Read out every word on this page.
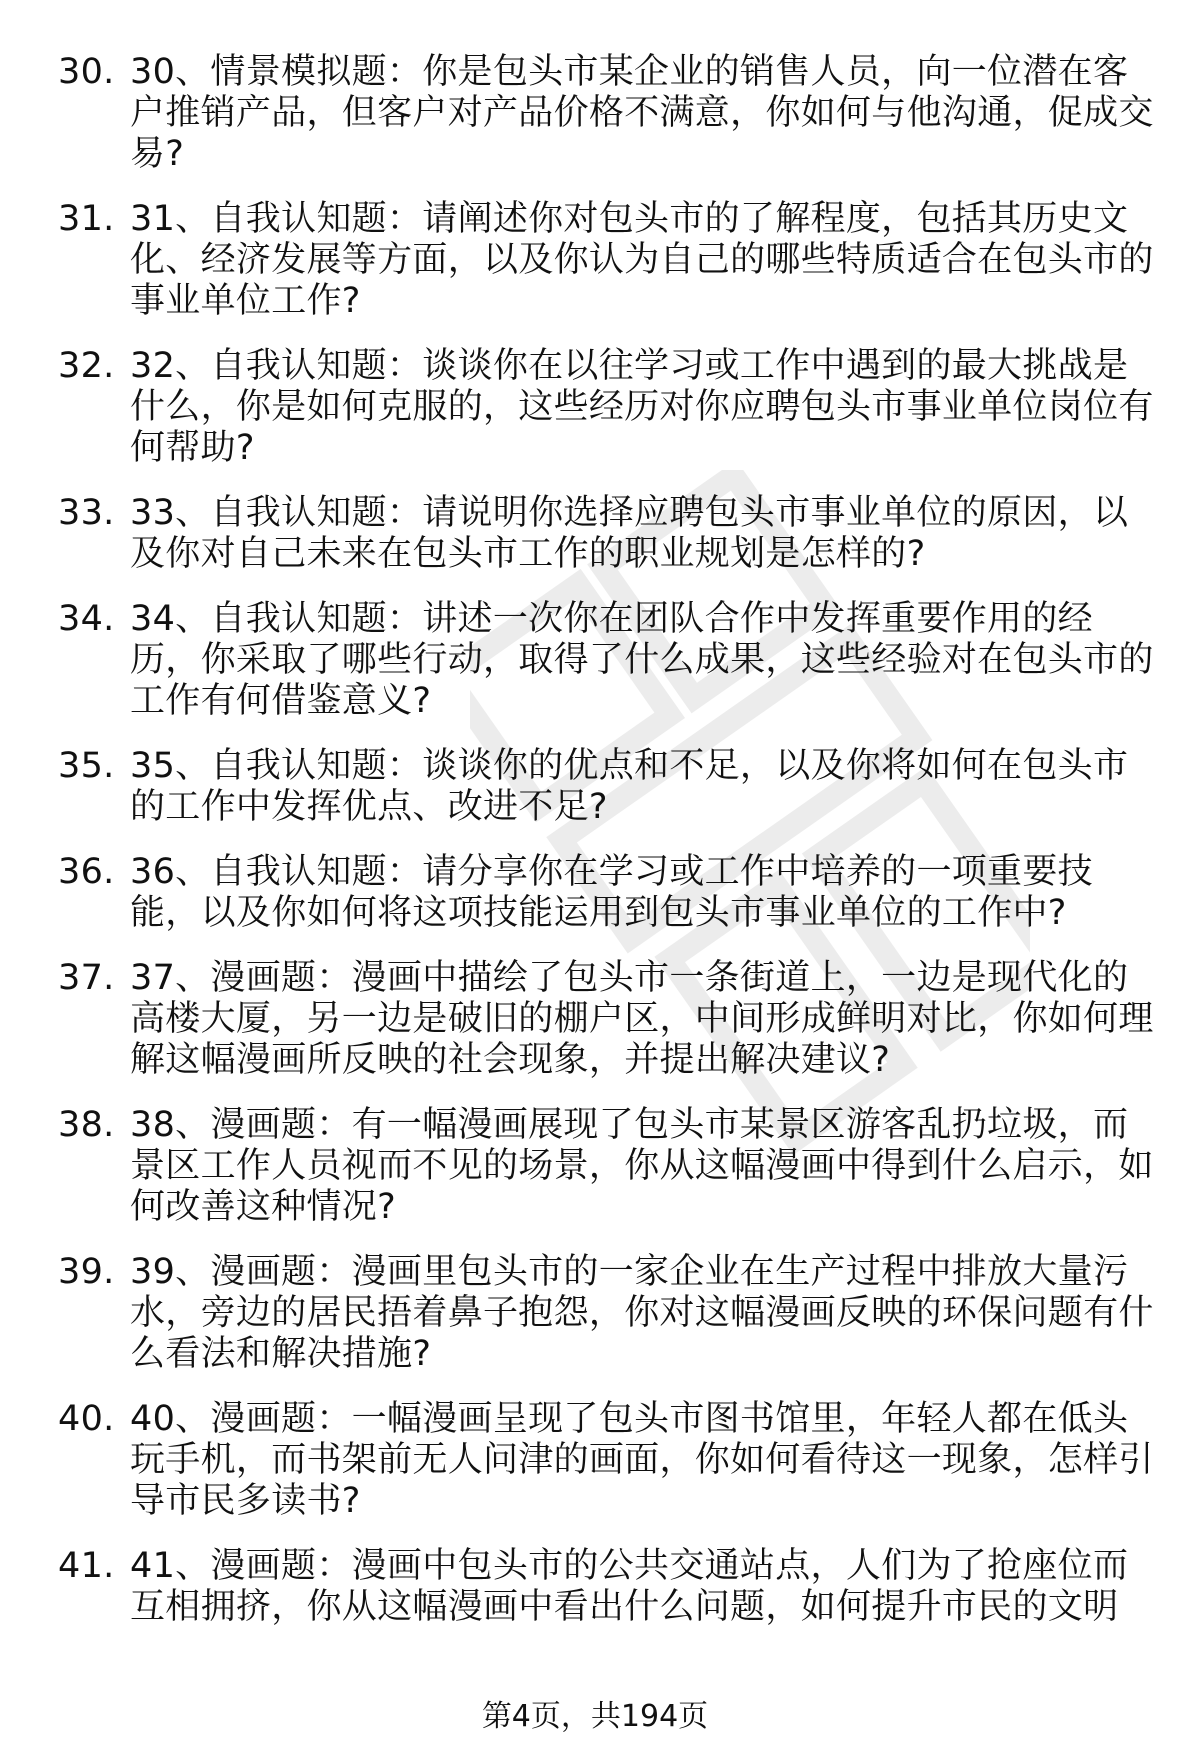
30. 30、情景模拟题：你是包头市某企业的销售人员，向一位潜在客户推销产品，但客户对产品价格不满意，你如何与他沟通，促成交易?
31. 31、自我认知题：请阐述你对包头市的了解程度，包括其历史文化、经济发展等方面，以及你认为自己的哪些特质适合在包头市的事业单位工作?
32. 32、自我认知题：谈谈你在以往学习或工作中遇到的最大挑战是什么，你是如何克服的，这些经历对你应聘包头市事业单位岗位有何帮助?
33. 33、自我认知题：请说明你选择应聘包头市事业单位的原因，以及你对自己未来在包头市工作的职业规划是怎样的?
34. 34、自我认知题：讲述一次你在团队合作中发挥重要作用的经历，你采取了哪些行动，取得了什么成果，这些经验对在包头市的工作有何借鉴意义?
35. 35、自我认知题：谈谈你的优点和不足，以及你将如何在包头市的工作中发挥优点、改进不足?
36. 36、自我认知题：请分享你在学习或工作中培养的一项重要技能，以及你如何将这项技能运用到包头市事业单位的工作中?
37. 37、漫画题：漫画中描绘了包头市一条街道上，一边是现代化的高楼大厦，另一边是破旧的棚户区，中间形成鲜明对比，你如何理解这幅漫画所反映的社会现象，并提出解决建议?
38. 38、漫画题：有一幅漫画展现了包头市某景区游客乱扔垃圾，而景区工作人员视而不见的场景，你从这幅漫画中得到什么启示，如何改善这种情况?
39. 39、漫画题：漫画里包头市的一家企业在生产过程中排放大量污水，旁边的居民捂着鼻子抱怨，你对这幅漫画反映的环保问题有什么看法和解决措施?
40. 40、漫画题：一幅漫画呈现了包头市图书馆里，年轻人都在低头玩手机，而书架前无人问津的画面，你如何看待这一现象，怎样引导市民多读书?
41. 41、漫画题：漫画中包头市的公共交通站点，人们为了抢座位而互相拥挤，你从这幅漫画中看出什么问题，如何提升市民的文明
第4页，共194页
